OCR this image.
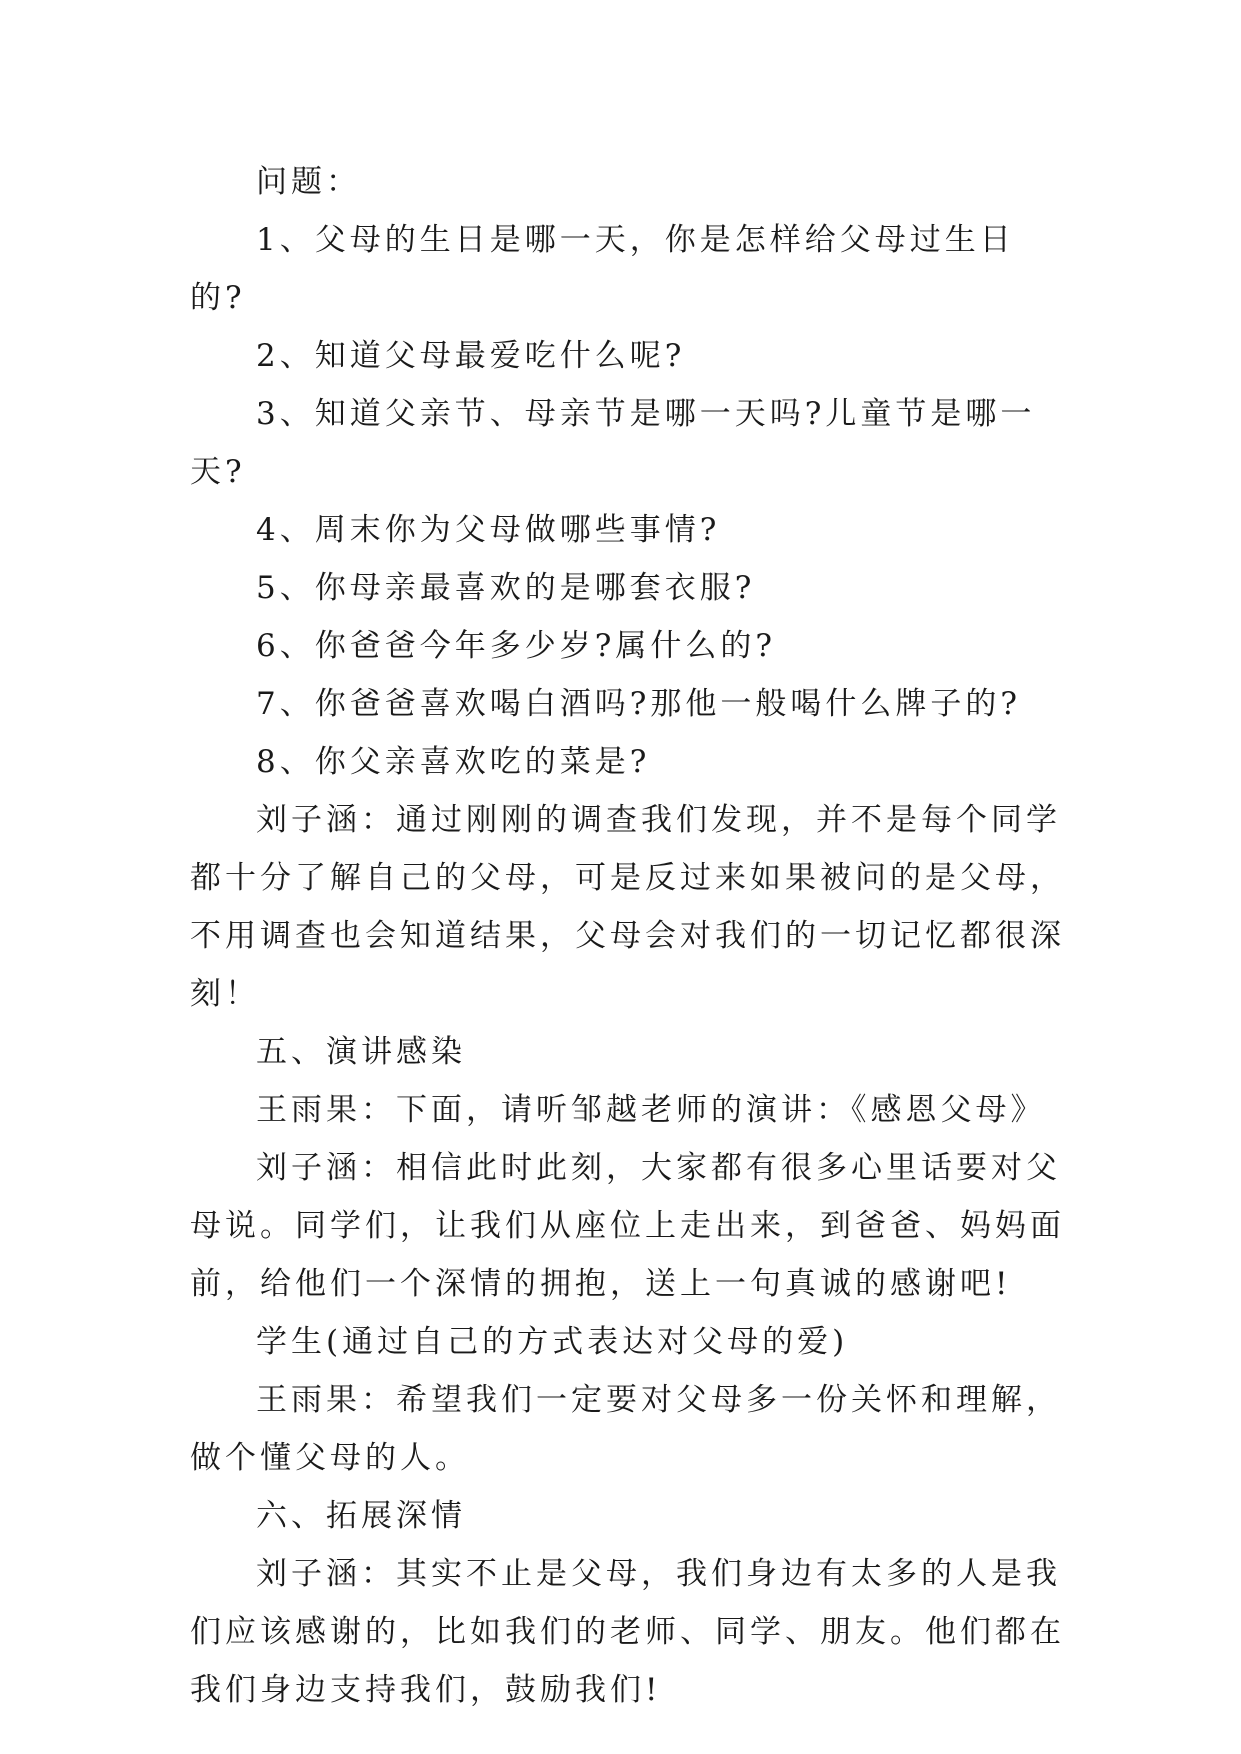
问题：

1、父母的生日是哪一天，你是怎样给父母过生日的?

2、知道父母最爱吃什么呢?

3、知道父亲节、母亲节是哪一天吗?儿童节是哪一天?

4、周末你为父母做哪些事情?

5、你母亲最喜欢的是哪套衣服?

6、你爸爸今年多少岁?属什么的?

7、你爸爸喜欢喝白酒吗?那他一般喝什么牌子的?

8、你父亲喜欢吃的菜是?

刘子涵：通过刚刚的调查我们发现，并不是每个同学都十分了解自己的父母，可是反过来如果被问的是父母，不用调查也会知道结果，父母会对我们的一切记忆都很深刻！

五、演讲感染

王雨果：下面，请听邹越老师的演讲：《感恩父母》

刘子涵：相信此时此刻，大家都有很多心里话要对父母说。同学们，让我们从座位上走出来，到爸爸、妈妈面前，给他们一个深情的拥抱，送上一句真诚的感谢吧!

学生(通过自己的方式表达对父母的爱)

王雨果：希望我们一定要对父母多一份关怀和理解，做个懂父母的人。

六、拓展深情

刘子涵：其实不止是父母，我们身边有太多的人是我们应该感谢的，比如我们的老师、同学、朋友。他们都在我们身边支持我们，鼓励我们!
